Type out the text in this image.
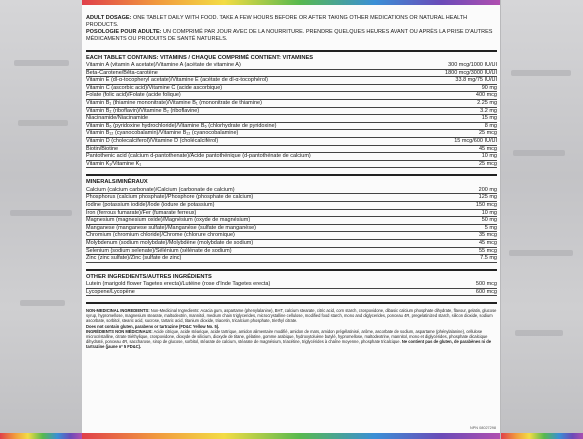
ADULT DOSAGE: ONE TABLET DAILY WITH FOOD. TAKE A FEW HOURS BEFORE OR AFTER TAKING OTHER MEDICATIONS OR NATURAL HEALTH PRODUCTS.

POSOLOGIE POUR ADULTE: UN COMPRIMÉ PAR JOUR AVEC DE LA NOURRITURE. PRENDRE QUELQUES HEURES AVANT OU APRÈS LA PRISE D'AUTRES MÉDICAMENTS OU PRODUITS DE SANTÉ NATURELS.

EACH TABLET CONTAINS: VITAMINS / CHAQUE COMPRIMÉ CONTIENT: VITAMINES
Vitamin A (vitamin A acetate)/Vitamine A (acétate de vitamine A)	300 mcg/1000 IU/UI
Beta-Carotene/Bêta-carotène	1800 mcg/3000 IU/UI
Vitamin E (dl-α-tocopheryl acetate)/Vitamine E (acétate de dl-α-tocophérol)	33.8 mg/75 IU/UI
Vitamin C (ascorbic acid)/Vitamine C (acide ascorbique)	90 mg
Folate (folic acid)/Folate (acide folique)	400 mcg
Vitamin B₁ (thiamine mononitrate)/Vitamine B₁ (mononitrate de thiamine)	2.25 mg
Vitamin B₂ (riboflavin)/Vitamine B₂ (riboflavine)	3.2 mg
Niacinamide/Niacinamide	15 mg
Vitamin B₆ (pyridoxine hydrochloride)/Vitamine B₆ (chlorhydrate de pyridoxine)	8 mg
Vitamin B₁₂ (cyanocobalamin)/Vitamine B₁₂ (cyanocobalamine)	25 mcg
Vitamin D (cholecalciferol)/Vitamine D (cholécalciférol)	15 mcg/600 IU/UI
Biotin/Biotine	45 mcg
Pantothenic acid (calcium d-pantothenate)/Acide pantothénique (d-pantothénate de calcium)	10 mg
Vitamin K₁/Vitamine K₁	25 mcg
MINERALS/MINÉRAUX
Calcium (calcium carbonate)/Calcium (carbonate de calcium)	200 mg
Phosphorus (calcium phosphate)/Phosphore (phosphate de calcium)	125 mg
Iodine (potassium iodide)/Iode (iodure de potassium)	150 mcg
Iron (ferrous fumarate)/Fer (fumarate ferreux)	10 mg
Magnesium (magnesium oxide)/Magnésium (oxyde de magnésium)	50 mg
Manganese (manganese sulfate)/Manganèse (sulfate de manganèse)	5 mg
Chromium (chromium chloride)/Chrome (chlorure chromique)	35 mcg
Molybdenum (sodium molybdate)/Molybdène (molybdate de sodium)	45 mcg
Selenium (sodium selenate)/Sélénium (sélénate de sodium)	55 mcg
Zinc (zinc sulfate)/Zinc (sulfate de zinc)	7.5 mg
OTHER INGREDIENTS/AUTRES INGRÉDIENTS
Lutein (marigold flower Tagetes erecta)/Lutéine (rose d'Inde Tagetes erecta)	500 mcg
Lycopene/Lycopène	600 mcg

NON-MEDICINAL INGREDIENTS: Non-Medicinal Ingredients: Acacia gum, aspartame (phenylalanine), BHT, calcium stearate, citric acid, corn starch, crospovidone, dibasic calcium phosphate dihydrate, flavour, gelatin, glucose syrup, hypromellose, magnesium stearate, maltodextrin, mannitol, medium chain triglycerides, microcrystalline cellulose, modified food starch, mono and diglycerides, ponceau 4R, pregelatinized starch, silicon dioxide, sodium ascorbate, sorbitol, stearic acid, sucrose, tartaric acid, titanium dioxide, triacetin, tricalcium phosphate, triethyl citrate.

Does not contain gluten, parabens or tartrazine (FD&C Yellow No. 5).

INGRÉDIENTS NON MÉDICINAUX: Acide citrique, acide stéarique, acide tartrique, amidon alimentaire modifié, amidon de maïs, amidon prégélatinisé, arôme, ascorbate de sodium, aspartame (phénylalanine), cellulose microcristalline, citrate triéthylique, crospovidone, dioxyde de silicium, dioxyde de titane, gélatine, gomme arabique, hydroxytoluène butylé, hypromellose, maltodextrine, mannitol, mono et diglycérides, phosphate dicalcique dihydraté, ponceau 4R, saccharose, sirop de glucose, sorbitol, stéarate de calcium, stéarate de magnésium, triacétine, triglycérides à chaîne moyenne, phosphate tricalcique. Ne contient pas de gluten, de parabènes ni de tartrazine (jaune nº 5 FD&C).

NPN 08027298
